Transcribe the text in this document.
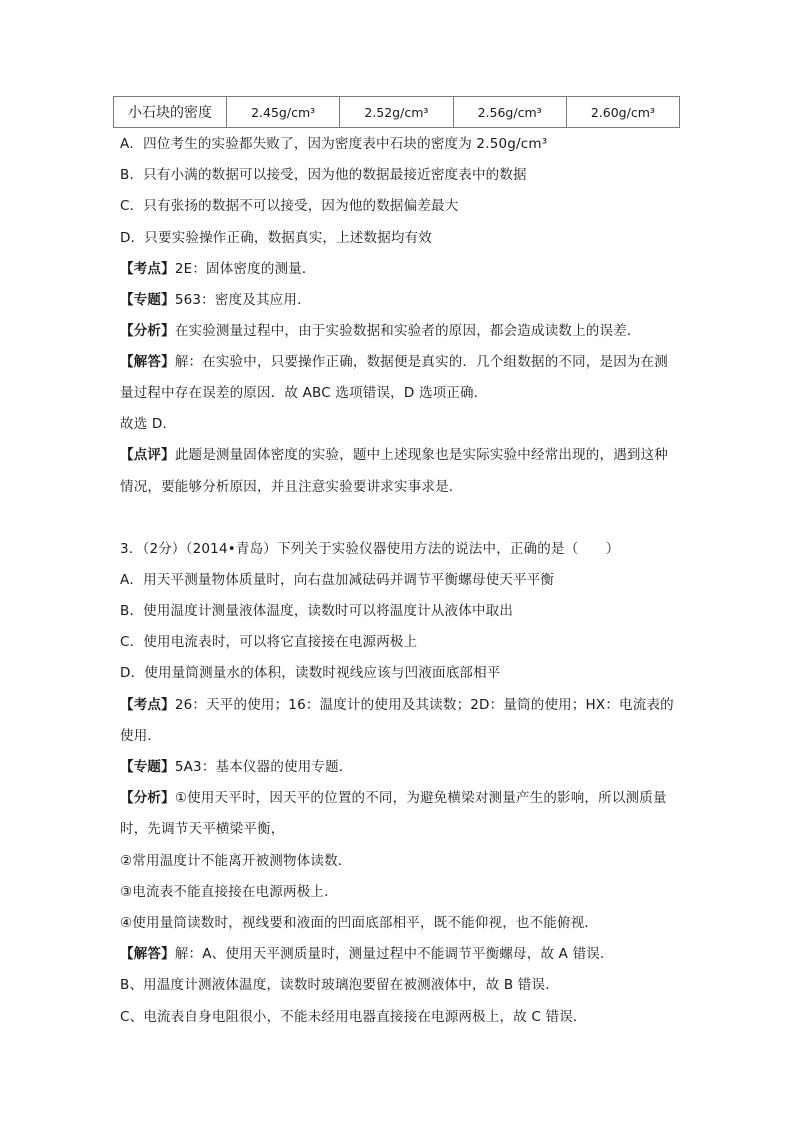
小石块的密度	2.45g/cm³	2.52g/cm³	2.56g/cm³	2.60g/cm³
A．四位考生的实验都失败了，因为密度表中石块的密度为 2.50g/cm³
B．只有小满的数据可以接受，因为他的数据最接近密度表中的数据
C．只有张扬的数据不可以接受，因为他的数据偏差最大
D．只要实验操作正确，数据真实，上述数据均有效
【考点】2E：固体密度的测量．
【专题】563：密度及其应用．
【分析】在实验测量过程中，由于实验数据和实验者的原因，都会造成读数上的误差．
【解答】解：在实验中，只要操作正确，数据便是真实的．几个组数据的不同，是因为在测
量过程中存在误差的原因．故 ABC 选项错误，D 选项正确．
故选 D．
【点评】此题是测量固体密度的实验，题中上述现象也是实际实验中经常出现的，遇到这种
情况，要能够分析原因，并且注意实验要讲求实事求是．
3．（2分）（2014•青岛）下列关于实验仪器使用方法的说法中，正确的是（　　）
A．用天平测量物体质量时，向右盘加减砝码并调节平衡螺母使天平平衡
B．使用温度计测量液体温度，读数时可以将温度计从液体中取出
C．使用电流表时，可以将它直接接在电源两极上
D．使用量筒测量水的体积，读数时视线应该与凹液面底部相平
【考点】26：天平的使用；16：温度计的使用及其读数；2D：量筒的使用；HX：电流表的
使用．
【专题】5A3：基本仪器的使用专题．
【分析】①使用天平时，因天平的位置的不同，为避免横梁对测量产生的影响，所以测质量
时，先调节天平横梁平衡，
②常用温度计不能离开被测物体读数．
③电流表不能直接接在电源两极上．
④使用量筒读数时，视线要和液面的凹面底部相平，既不能仰视，也不能俯视．
【解答】解：A、使用天平测质量时，测量过程中不能调节平衡螺母，故 A 错误．
B、用温度计测液体温度，读数时玻璃泡要留在被测液体中，故 B 错误．
C、电流表自身电阻很小，不能未经用电器直接接在电源两极上，故 C 错误．
